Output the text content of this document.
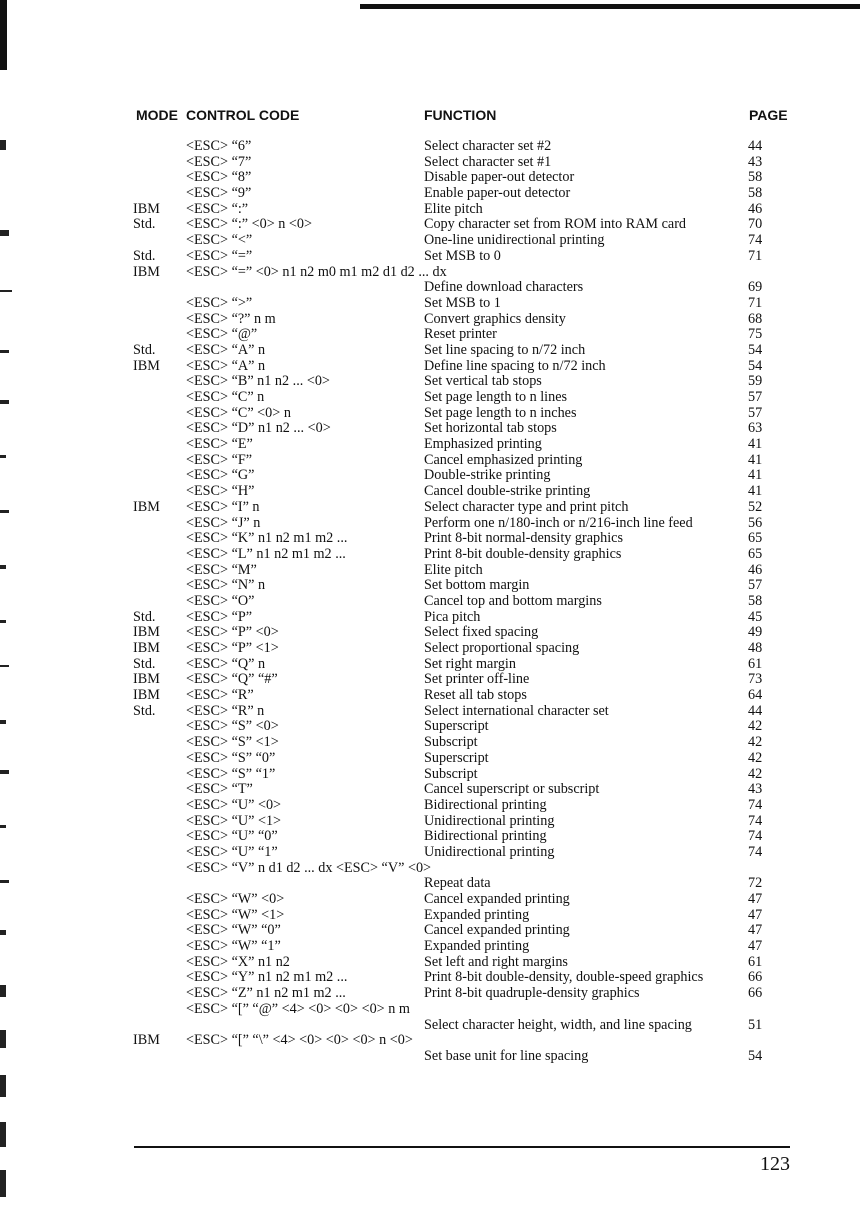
MODE CONTROL CODE	FUNCTION	PAGE
<ESC> “6”	Select character set #2	44
<ESC> “7”	Select character set #1	43
<ESC> “8”	Disable paper-out detector	58
<ESC> “9”	Enable paper-out detector	58
IBM <ESC> “:”	Elite pitch	46
Std. <ESC> “:” <0> n <0>	Copy character set from ROM into RAM card	70
<ESC> “<”	One-line unidirectional printing	74
Std. <ESC> “=”	Set MSB to 0	71
IBM <ESC> “=” <0> n1 n2 m0 m1 m2 d1 d2 ... dx
Define download characters	69
<ESC> “>”	Set MSB to 1	71
<ESC> “?” n m	Convert graphics density	68
<ESC> “@”	Reset printer	75
Std. <ESC> “A” n	Set line spacing to n/72 inch	54
IBM <ESC> “A” n	Define line spacing to n/72 inch	54
<ESC> “B” n1 n2 ... <0>	Set vertical tab stops	59
<ESC> “C” n	Set page length to n lines	57
<ESC> “C” <0> n	Set page length to n inches	57
<ESC> “D” n1 n2 ... <0>	Set horizontal tab stops	63
<ESC> “E”	Emphasized printing	41
<ESC> “F”	Cancel emphasized printing	41
<ESC> “G”	Double-strike printing	41
<ESC> “H”	Cancel double-strike printing	41
IBM <ESC> “I” n	Select character type and print pitch	52
<ESC> “J” n	Perform one n/180-inch or n/216-inch line feed	56
<ESC> “K” n1 n2 m1 m2 ...	Print 8-bit normal-density graphics	65
<ESC> “L” n1 n2 m1 m2 ...	Print 8-bit double-density graphics	65
<ESC> “M”	Elite pitch	46
<ESC> “N” n	Set bottom margin	57
<ESC> “O”	Cancel top and bottom margins	58
Std. <ESC> “P”	Pica pitch	45
IBM <ESC> “P” <0>	Select fixed spacing	49
IBM <ESC> “P” <1>	Select proportional spacing	48
Std. <ESC> “Q” n	Set right margin	61
IBM <ESC> “Q” “#”	Set printer off-line	73
IBM <ESC> “R”	Reset all tab stops	64
Std. <ESC> “R” n	Select international character set	44
<ESC> “S” <0>	Superscript	42
<ESC> “S” <1>	Subscript	42
<ESC> “S” “0”	Superscript	42
<ESC> “S” “1”	Subscript	42
<ESC> “T”	Cancel superscript or subscript	43
<ESC> “U” <0>	Bidirectional printing	74
<ESC> “U” <1>	Unidirectional printing	74
<ESC> “U” “0”	Bidirectional printing	74
<ESC> “U” “1”	Unidirectional printing	74
<ESC> “V” n d1 d2 ... dx <ESC> “V” <0>
Repeat data	72
<ESC> “W” <0>	Cancel expanded printing	47
<ESC> “W” <1>	Expanded printing	47
<ESC> “W” “0”	Cancel expanded printing	47
<ESC> “W” “1”	Expanded printing	47
<ESC> “X” n1 n2	Set left and right margins	61
<ESC> “Y” n1 n2 m1 m2 ...	Print 8-bit double-density, double-speed graphics	66
<ESC> “Z” n1 n2 m1 m2 ...	Print 8-bit quadruple-density graphics	66
<ESC> “[” “@” <4> <0> <0> <0> n m
Select character height, width, and line spacing	51
IBM <ESC> “[” “\” <4> <0> <0> <0> n <0>
Set base unit for line spacing	54
123
